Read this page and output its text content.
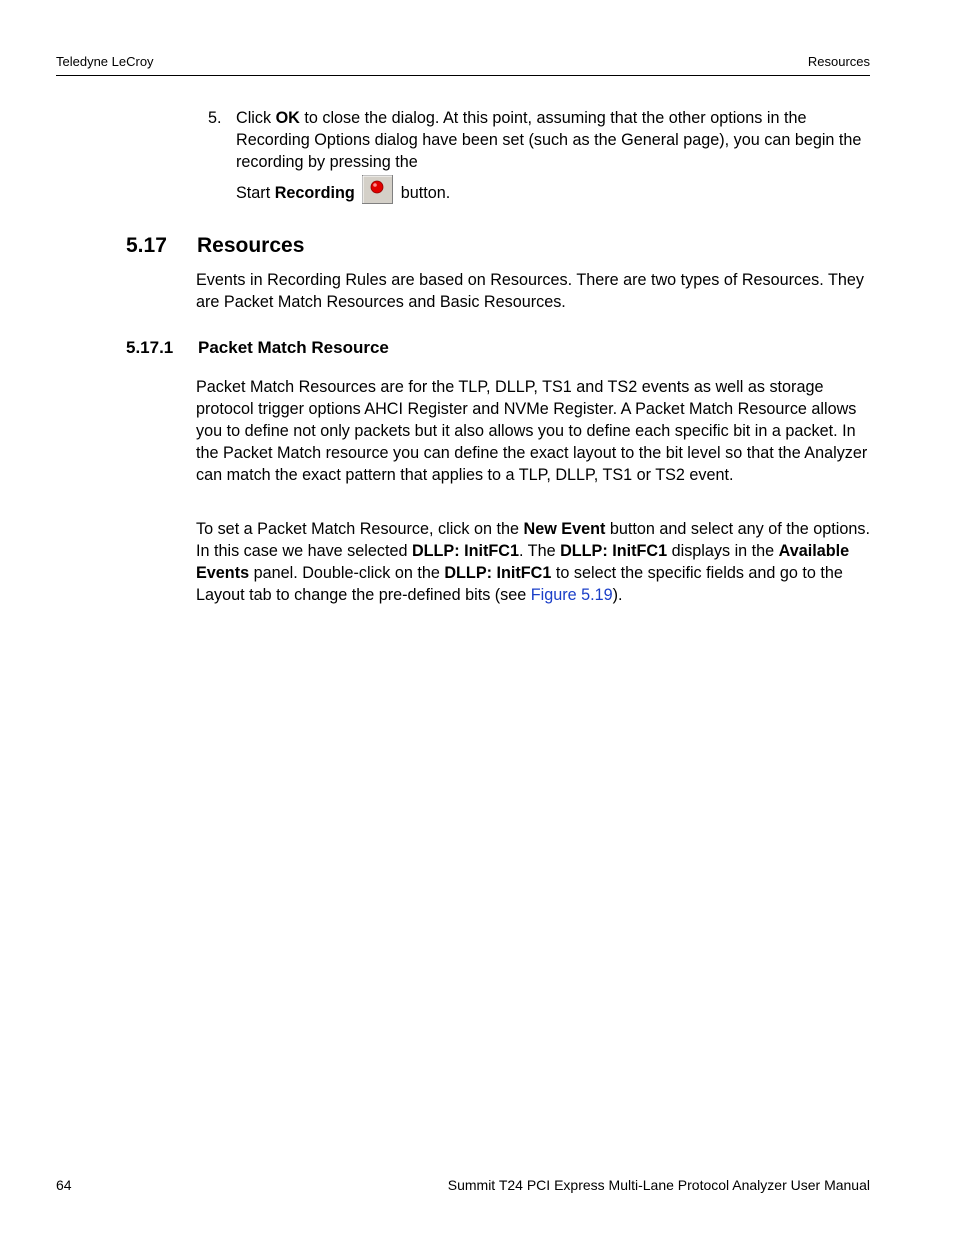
Teledyne LeCroy	Resources
5. Click OK to close the dialog. At this point, assuming that the other options in the Recording Options dialog have been set (such as the General page), you can begin the recording by pressing the
Start Recording	button.
5.17 Resources

Events in Recording Rules are based on Resources. There are two types of Resources. They are Packet Match Resources and Basic Resources.

5.17.1 Packet Match Resource

Packet Match Resources are for the TLP, DLLP, TS1 and TS2 events as well as storage protocol trigger options AHCI Register and NVMe Register. A Packet Match Resource allows you to define not only packets but it also allows you to define each specific bit in a packet. In the Packet Match resource you can define the exact layout to the bit level so that the Analyzer can match the exact pattern that applies to a TLP, DLLP, TS1 or TS2 event.

To set a Packet Match Resource, click on the New Event button and select any of the options. In this case we have selected DLLP: InitFC1. The DLLP: InitFC1 displays in the Available Events panel. Double-click on the DLLP: InitFC1 to select the specific fields and go to the Layout tab to change the pre-defined bits (see Figure 5.19).

64	Summit T24 PCI Express Multi-Lane Protocol Analyzer User Manual
